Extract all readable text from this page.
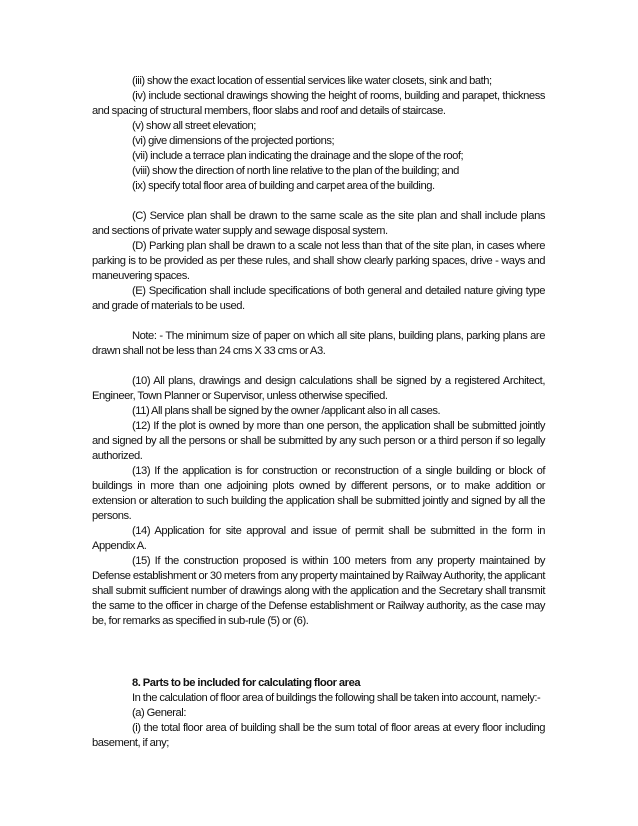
(iii) show the exact location of essential services like water closets, sink and bath;

(iv) include sectional drawings showing the height of rooms, building and parapet, thickness and spacing of structural members, floor slabs and roof and details of staircase.

(v) show all street elevation;

(vi) give dimensions of the projected portions;

(vii) include a terrace plan indicating the drainage and the slope of the roof;

(viii) show the direction of north line relative to the plan of the building; and

(ix) specify total floor area of building and carpet area of the building.

(C) Service plan shall be drawn to the same scale as the site plan and shall include plans and sections of private water supply and sewage disposal system.

(D) Parking plan shall be drawn to a scale not less than that of the site plan, in cases where parking is to be provided as per these rules, and shall show clearly parking spaces, drive - ways and maneuvering spaces.

(E) Specification shall include specifications of both general and detailed nature giving type and grade of materials to be used.

Note: - The minimum size of paper on which all site plans, building plans, parking plans are drawn shall not be less than 24 cms X 33 cms or A3.

(10) All plans, drawings and design calculations shall be signed by a registered Architect, Engineer, Town Planner or Supervisor, unless otherwise specified.

(11) All plans shall be signed by the owner /applicant also in all cases.

(12) If the plot is owned by more than one person, the application shall be submitted jointly and signed by all the persons or shall be submitted by any such person or a third person if so legally authorized.

(13) If the application is for construction or reconstruction of a single building or block of buildings in more than one adjoining plots owned by different persons, or to make addition or extension or alteration to such building the application shall be submitted jointly and signed by all the persons.

(14) Application for site approval and issue of permit shall be submitted in the form in Appendix A.

(15) If the construction proposed is within 100 meters from any property maintained by Defense establishment or 30 meters from any property maintained by Railway Authority, the applicant shall submit sufficient number of drawings along with the application and the Secretary shall transmit the same to the officer in charge of the Defense establishment or Railway authority, as the case may be, for remarks as specified in sub-rule (5) or (6).

8. Parts to be included for calculating floor area

In the calculation of floor area of buildings the following shall be taken into account, namely:-

(a) General:

(i) the total floor area of building shall be the sum total of floor areas at every floor including basement, if any;
